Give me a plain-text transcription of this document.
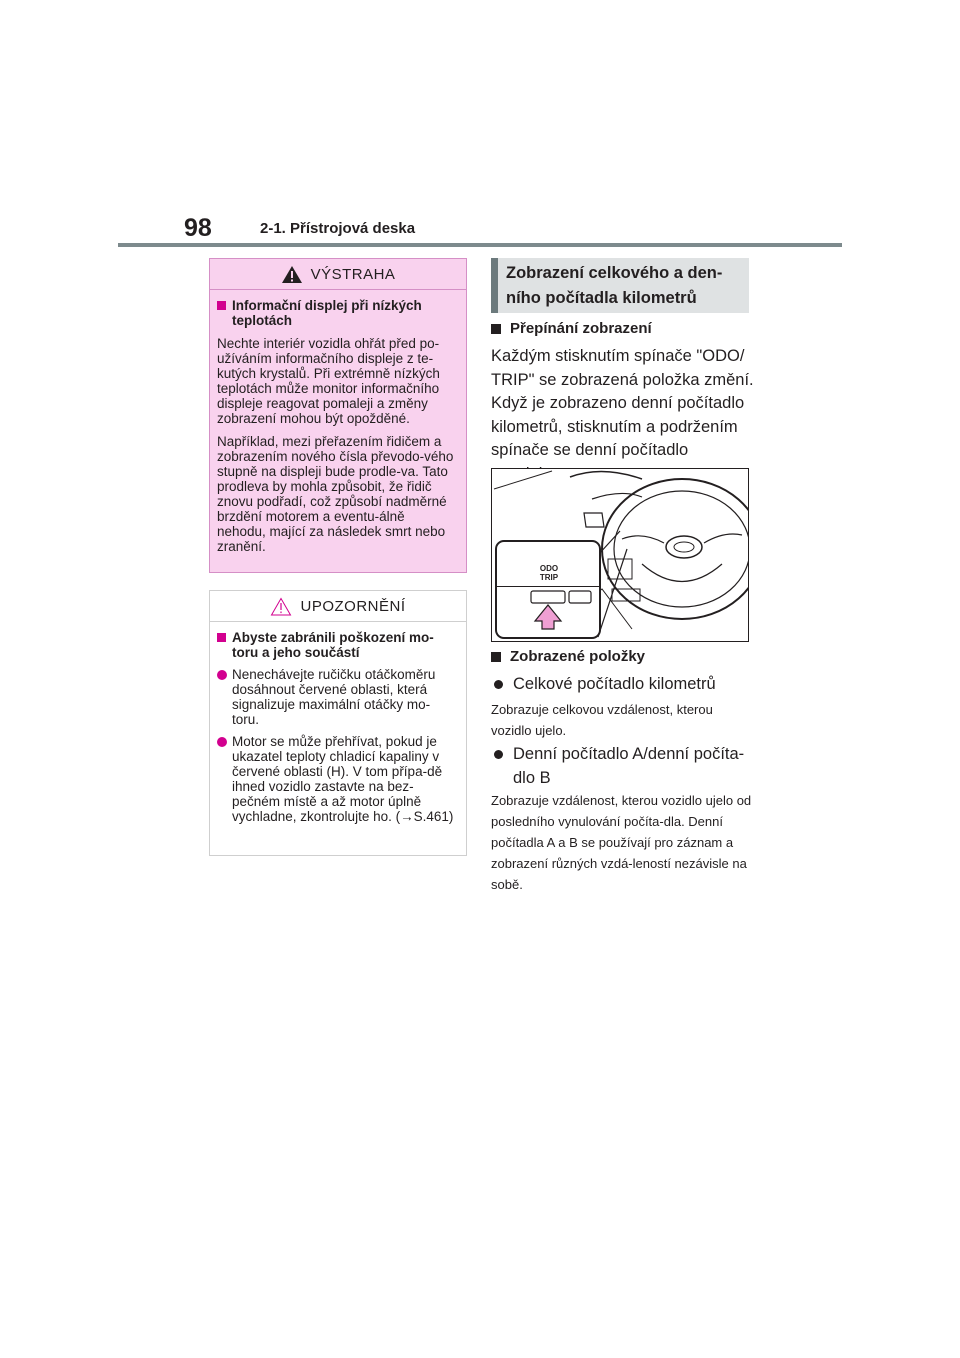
98	2-1. Přístrojová deska
VÝSTRAHA
Informační displej při nízkých teplotách
Nechte interiér vozidla ohřát před po-užíváním informačního displeje z te-kutých krystalů. Při extrémně nízkých teplotách může monitor informačního displeje reagovat pomaleji a změny zobrazení mohou být opožděné.
Například, mezi přeřazením řidičem a zobrazením nového čísla převodo-vého stupně na displeji bude prodle-va. Tato prodleva by mohla způsobit, že řidič znovu podřadí, což způsobí nadměrné brzdění motorem a eventu-álně nehodu, mající za následek smrt nebo zranění.
UPOZORNĚNÍ
Abyste zabránili poškození mo-toru a jeho součástí
Nenechávejte ručičku otáčkoměru dosáhnout červené oblasti, která signalizuje maximální otáčky mo-toru.
Motor se může přehřívat, pokud je ukazatel teploty chladicí kapaliny v červené oblasti (H). V tom přípa-dě ihned vozidlo zastavte na bez-pečném místě a až motor úplně vychladne, zkontrolujte ho. (→S.461)
Zobrazení celkového a den-ního počítadla kilometrů
Přepínání zobrazení
Každým stisknutím spínače "ODO/ TRIP" se zobrazená položka změní. Když je zobrazeno denní počítadlo kilometrů, stisknutím a podržením spínače se denní počítadlo
ODO
TRIP
Zobrazené položky
Celkové počítadlo kilometrů
Zobrazuje celkovou vzdálenost, kterou vozidlo ujelo.
Denní počítadlo A/denní počíta-dlo B
Zobrazuje vzdálenost, kterou vozidlo ujelo od posledního vynulování počíta-dla. Denní počítadla A a B se používají pro záznam a zobrazení různých vzdá-leností nezávisle na sobě.
